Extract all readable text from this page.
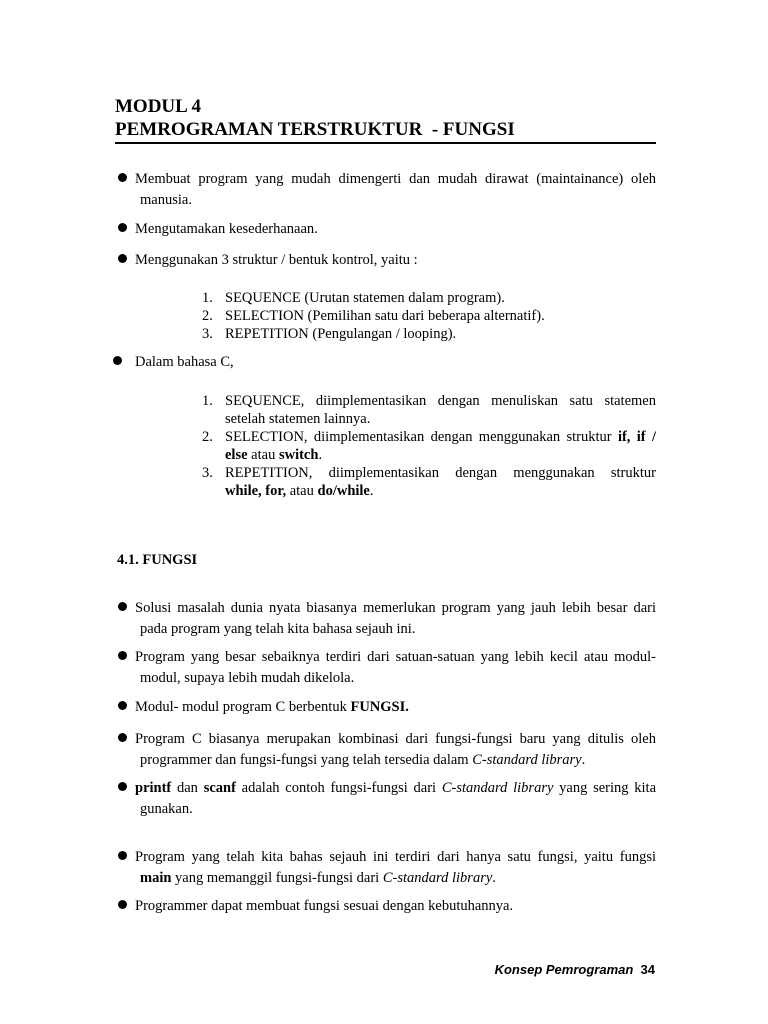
MODUL 4
PEMROGRAMAN TERSTRUKTUR  - FUNGSI
Membuat program yang mudah dimengerti dan mudah dirawat (maintainance) oleh
manusia.
Mengutamakan kesederhanaan.
Menggunakan 3 struktur / bentuk kontrol, yaitu :
1. SEQUENCE (Urutan statemen dalam program).
2. SELECTION (Pemilihan satu dari beberapa alternatif).
3. REPETITION (Pengulangan / looping).
Dalam bahasa C,
1. SEQUENCE, diimplementasikan dengan menuliskan satu statemen
setelah statemen lainnya.
2. SELECTION, diimplementasikan dengan menggunakan struktur if, if /
else atau switch.
3. REPETITION, diimplementasikan dengan menggunakan struktur
while, for, atau do/while.
4.1. FUNGSI
Solusi masalah dunia nyata biasanya memerlukan program yang jauh lebih besar dari
pada program yang telah kita bahasa sejauh ini.
Program yang besar sebaiknya terdiri dari satuan-satuan yang lebih kecil atau modul-
modul, supaya lebih mudah dikelola.
Modul- modul program C berbentuk FUNGSI.
Program C biasanya merupakan kombinasi dari fungsi-fungsi baru yang ditulis oleh
programmer dan fungsi-fungsi yang telah tersedia dalam C-standard library.
printf dan scanf adalah contoh fungsi-fungsi dari C-standard library yang sering kita
gunakan.
Program yang telah kita bahas sejauh ini terdiri dari hanya satu fungsi, yaitu fungsi
main yang memanggil fungsi-fungsi dari C-standard library.
Programmer dapat membuat fungsi sesuai dengan kebutuhannya.
Konsep Pemrograman 34
